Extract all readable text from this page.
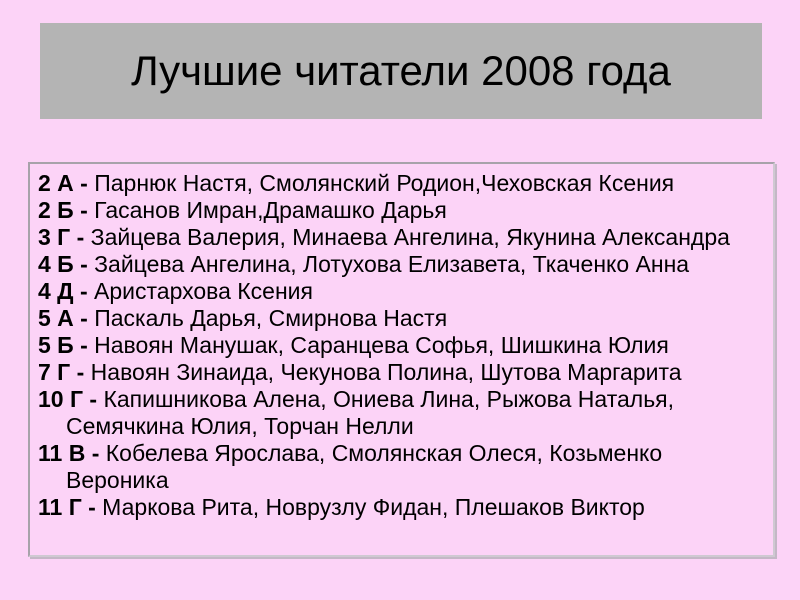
Лучшие читатели 2008 года
2 А - Парнюк Настя, Смолянский Родион,Чеховская Ксения
2 Б - Гасанов Имран,Драмашко Дарья
3 Г - Зайцева Валерия, Минаева Ангелина, Якунина Александра
4 Б - Зайцева Ангелина, Лотухова Елизавета, Ткаченко Анна
4 Д - Аристархова Ксения
5 А - Паскаль Дарья, Смирнова Настя
5 Б - Навоян Манушак, Саранцева Софья, Шишкина Юлия
7 Г - Навоян Зинаида, Чекунова Полина, Шутова Маргарита
10 Г - Капишникова Алена, Ониева Лина, Рыжова Наталья, Семячкина Юлия, Торчан Нелли
11 В - Кобелева Ярослава, Смолянская Олеся, Козьменко Вероника
11 Г - Маркова Рита, Новрузлу Фидан, Плешаков Виктор
